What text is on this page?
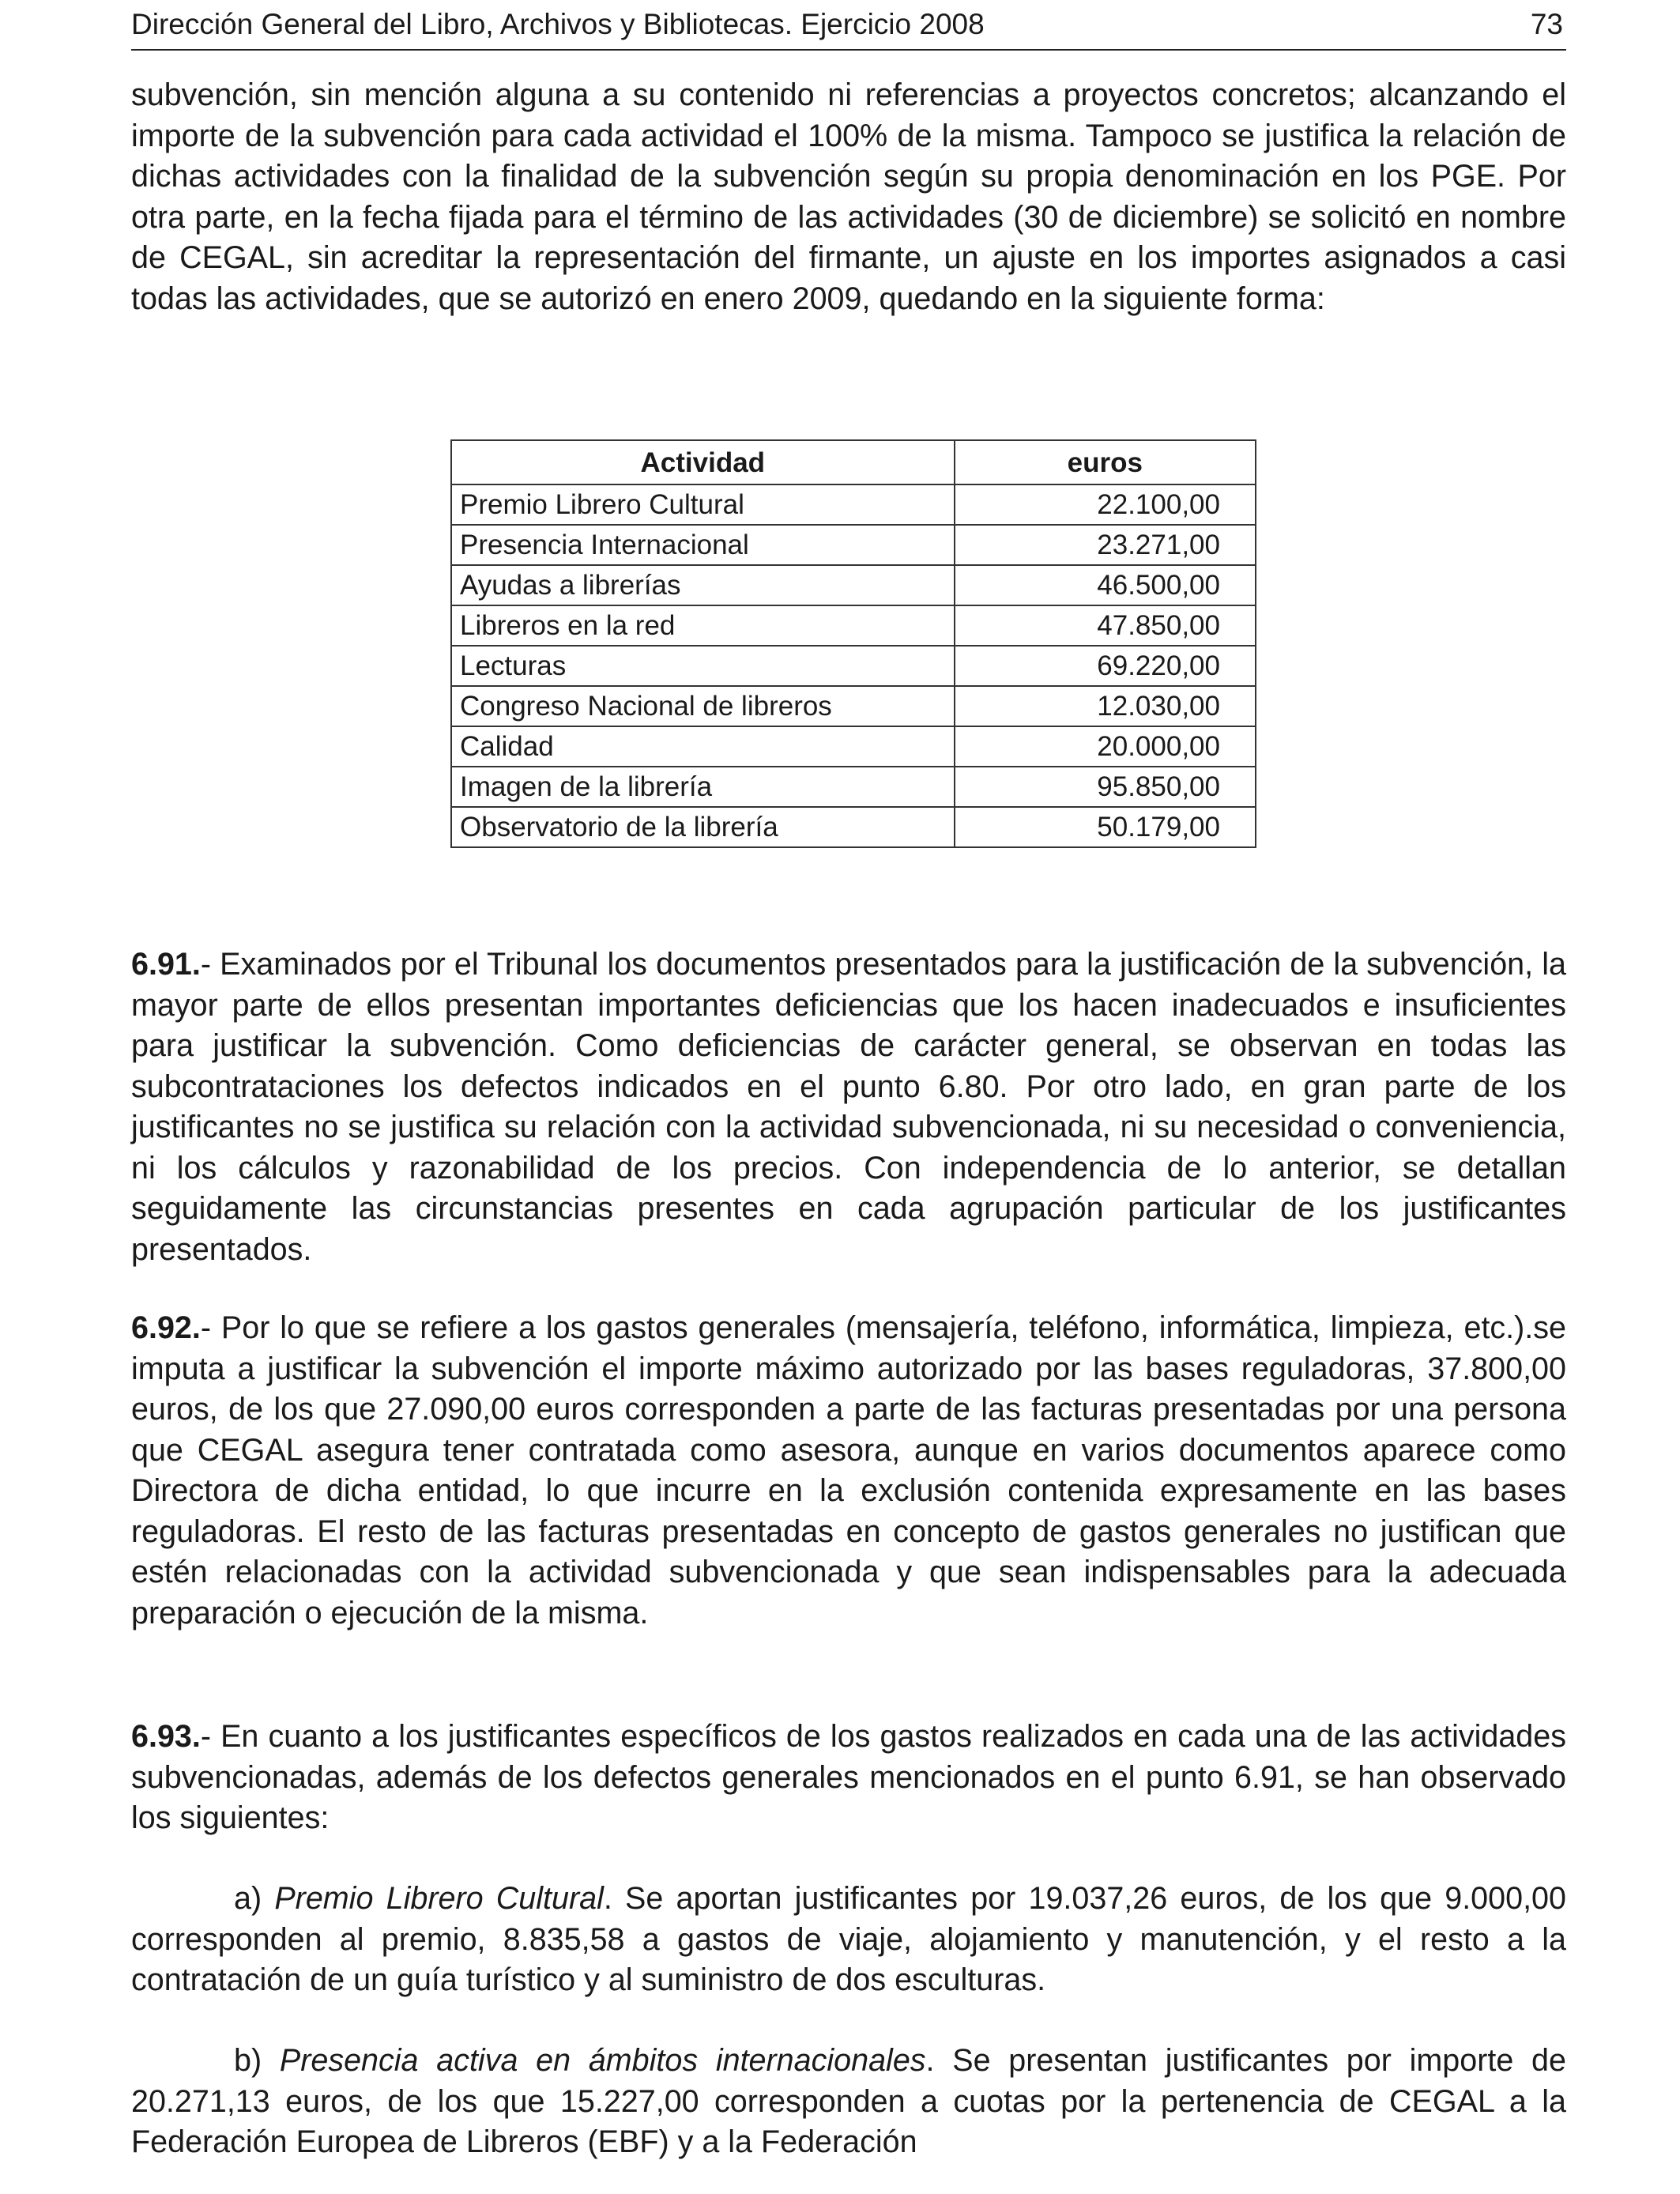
Dirección General del Libro, Archivos y Bibliotecas. Ejercicio 2008	73

subvención, sin mención alguna a su contenido ni referencias a proyectos concretos; alcanzando el importe de la subvención para cada actividad el 100% de la misma. Tampoco se justifica la relación de dichas actividades con la finalidad de la subvención según su propia denominación en los PGE. Por otra parte, en la fecha fijada para el término de las actividades (30 de diciembre) se solicitó en nombre de CEGAL, sin acreditar la representación del firmante, un ajuste en los importes asignados a casi todas las actividades, que se autorizó en enero 2009, quedando en la siguiente forma:

Actividad	euros
Premio Librero Cultural	22.100,00
Presencia Internacional	23.271,00
Ayudas a librerías	46.500,00
Libreros en la red	47.850,00
Lecturas	69.220,00
Congreso Nacional de libreros	12.030,00
Calidad	20.000,00
Imagen de la librería	95.850,00
Observatorio de la librería	50.179,00

6.91.- Examinados por el Tribunal los documentos presentados para la justificación de la subvención, la mayor parte de ellos presentan importantes deficiencias que los hacen inadecuados e insuficientes para justificar la subvención. Como deficiencias de carácter general, se observan en todas las subcontrataciones los defectos indicados en el punto 6.80. Por otro lado, en gran parte de los justificantes no se justifica su relación con la actividad subvencionada, ni su necesidad o conveniencia, ni los cálculos y razonabilidad de los precios. Con independencia de lo anterior, se detallan seguidamente las circunstancias presentes en cada agrupación particular de los justificantes presentados.

6.92.- Por lo que se refiere a los gastos generales (mensajería, teléfono, informática, limpieza, etc.).se imputa a justificar la subvención el importe máximo autorizado por las bases reguladoras, 37.800,00 euros, de los que 27.090,00 euros corresponden a parte de las facturas presentadas por una persona que CEGAL asegura tener contratada como asesora, aunque en varios documentos aparece como Directora de dicha entidad, lo que incurre en la exclusión contenida expresamente en las bases reguladoras. El resto de las facturas presentadas en concepto de gastos generales no justifican que estén relacionadas con la actividad subvencionada y que sean indispensables para la adecuada preparación o ejecución de la misma.

6.93.- En cuanto a los justificantes específicos de los gastos realizados en cada una de las actividades subvencionadas, además de los defectos generales mencionados en el punto 6.91, se han observado los siguientes:

a) Premio Librero Cultural. Se aportan justificantes por 19.037,26 euros, de los que 9.000,00 corresponden al premio, 8.835,58 a gastos de viaje, alojamiento y manutención, y el resto a la contratación de un guía turístico y al suministro de dos esculturas.

b) Presencia activa en ámbitos internacionales. Se presentan justificantes por importe de 20.271,13 euros, de los que 15.227,00 corresponden a cuotas por la pertenencia de CEGAL a la Federación Europea de Libreros (EBF) y a la Federación
